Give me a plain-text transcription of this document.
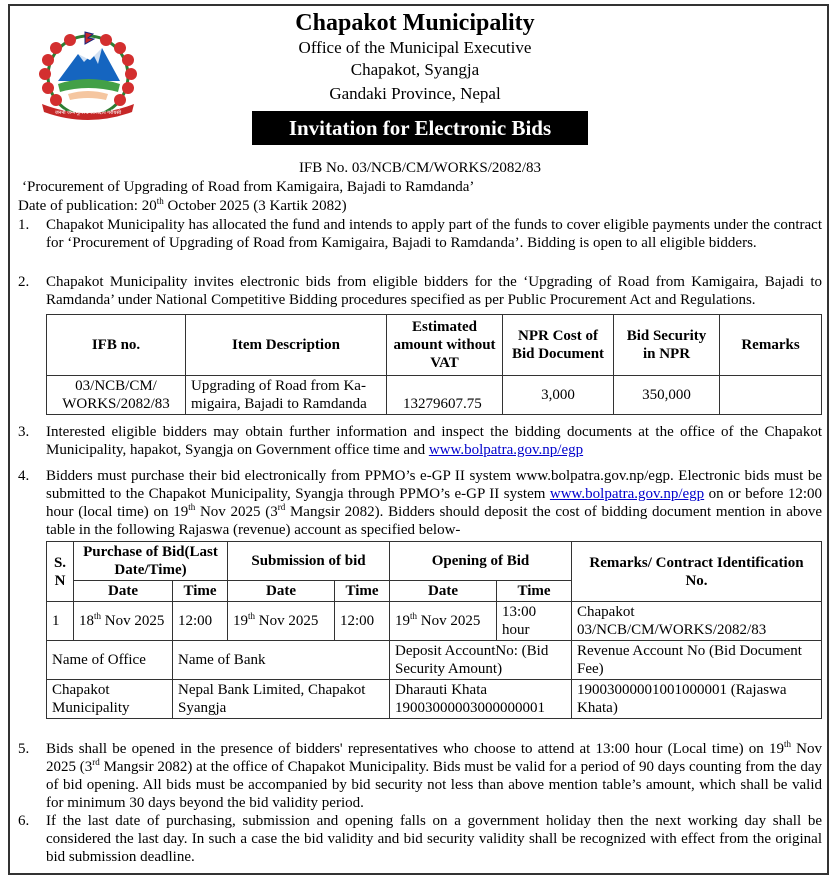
जननी जन्मभूमिश्च स्वर्गादपि गरीयसी
Chapakot Municipality
Office of the Municipal Executive
Chapakot, Syangja
Gandaki Province, Nepal
Invitation for Electronic Bids
IFB No. 03/NCB/CM/WORKS/2082/83
‘Procurement of Upgrading of Road from Kamigaira, Bajadi to Ramdanda’
Date of publication: 20th October 2025 (3 Kartik 2082)
1. Chapakot Municipality has allocated the fund and intends to apply part of the funds to cover eligible payments under the contract for ‘Procurement of Upgrading of Road from Kamigaira, Bajadi to Ramdanda’. Bidding is open to all eligible bidders.
2. Chapakot Municipality invites electronic bids from eligible bidders for the ‘Upgrading of Road from Kamigaira, Bajadi to Ramdanda’ under National Competitive Bidding procedures specified as per Public Procurement Act and Regulations.
IFB no.	Item Description	Estimated amount without VAT	NPR Cost of Bid Document	Bid Security in NPR	Remarks
03/NCB/CM/ WORKS/2082/83	Upgrading of Road from Ka-migaira, Bajadi to Ramdanda	13279607.75	3,000	350,000	
3. Interested eligible bidders may obtain further information and inspect the bidding documents at the office of the Chapakot Municipality, hapakot, Syangja on Government office time and www.bolpatra.gov.np/egp
4. Bidders must purchase their bid electronically from PPMO’s e-GP II system www.bolpatra.gov.np/egp. Electronic bids must be submitted to the Chapakot Municipality, Syangja through PPMO’s e-GP II system www.bolpatra.gov.np/egp on or before 12:00 hour (local time) on 19th Nov 2025 (3rd Mangsir 2082). Bidders should deposit the cost of bidding document mention in above table in the following Rajaswa (revenue) account as specified below-
S. N	Purchase of Bid(Last Date/Time)		Submission of bid		Opening of Bid		Remarks/ Contract Identification No.
	Date	Time	Date	Time	Date	Time	
1	18th Nov 2025	12:00	19th Nov 2025	12:00	19th Nov 2025	13:00 hour	Chapakot 03/NCB/CM/WORKS/2082/83
Name of Office		Name of Bank			Deposit AccountNo: (Bid Security Amount)		Revenue Account No (Bid Document Fee)
Chapakot Municipality		Nepal Bank Limited, Chapakot Syangja			Dharauti Khata 19003000003000000001		19003000001001000001 (Rajaswa Khata)
5. Bids shall be opened in the presence of bidders' representatives who choose to attend at 13:00 hour (Local time) on 19th Nov 2025 (3rd Mangsir 2082) at the office of Chapakot Municipality. Bids must be valid for a period of 90 days counting from the day of bid opening. All bids must be accompanied by bid security not less than above mention table’s amount, which shall be valid for minimum 30 days beyond the bid validity period.
6. If the last date of purchasing, submission and opening falls on a government holiday then the next working day shall be considered the last day. In such a case the bid validity and bid security validity shall be recognized with effect from the original bid submission deadline.
